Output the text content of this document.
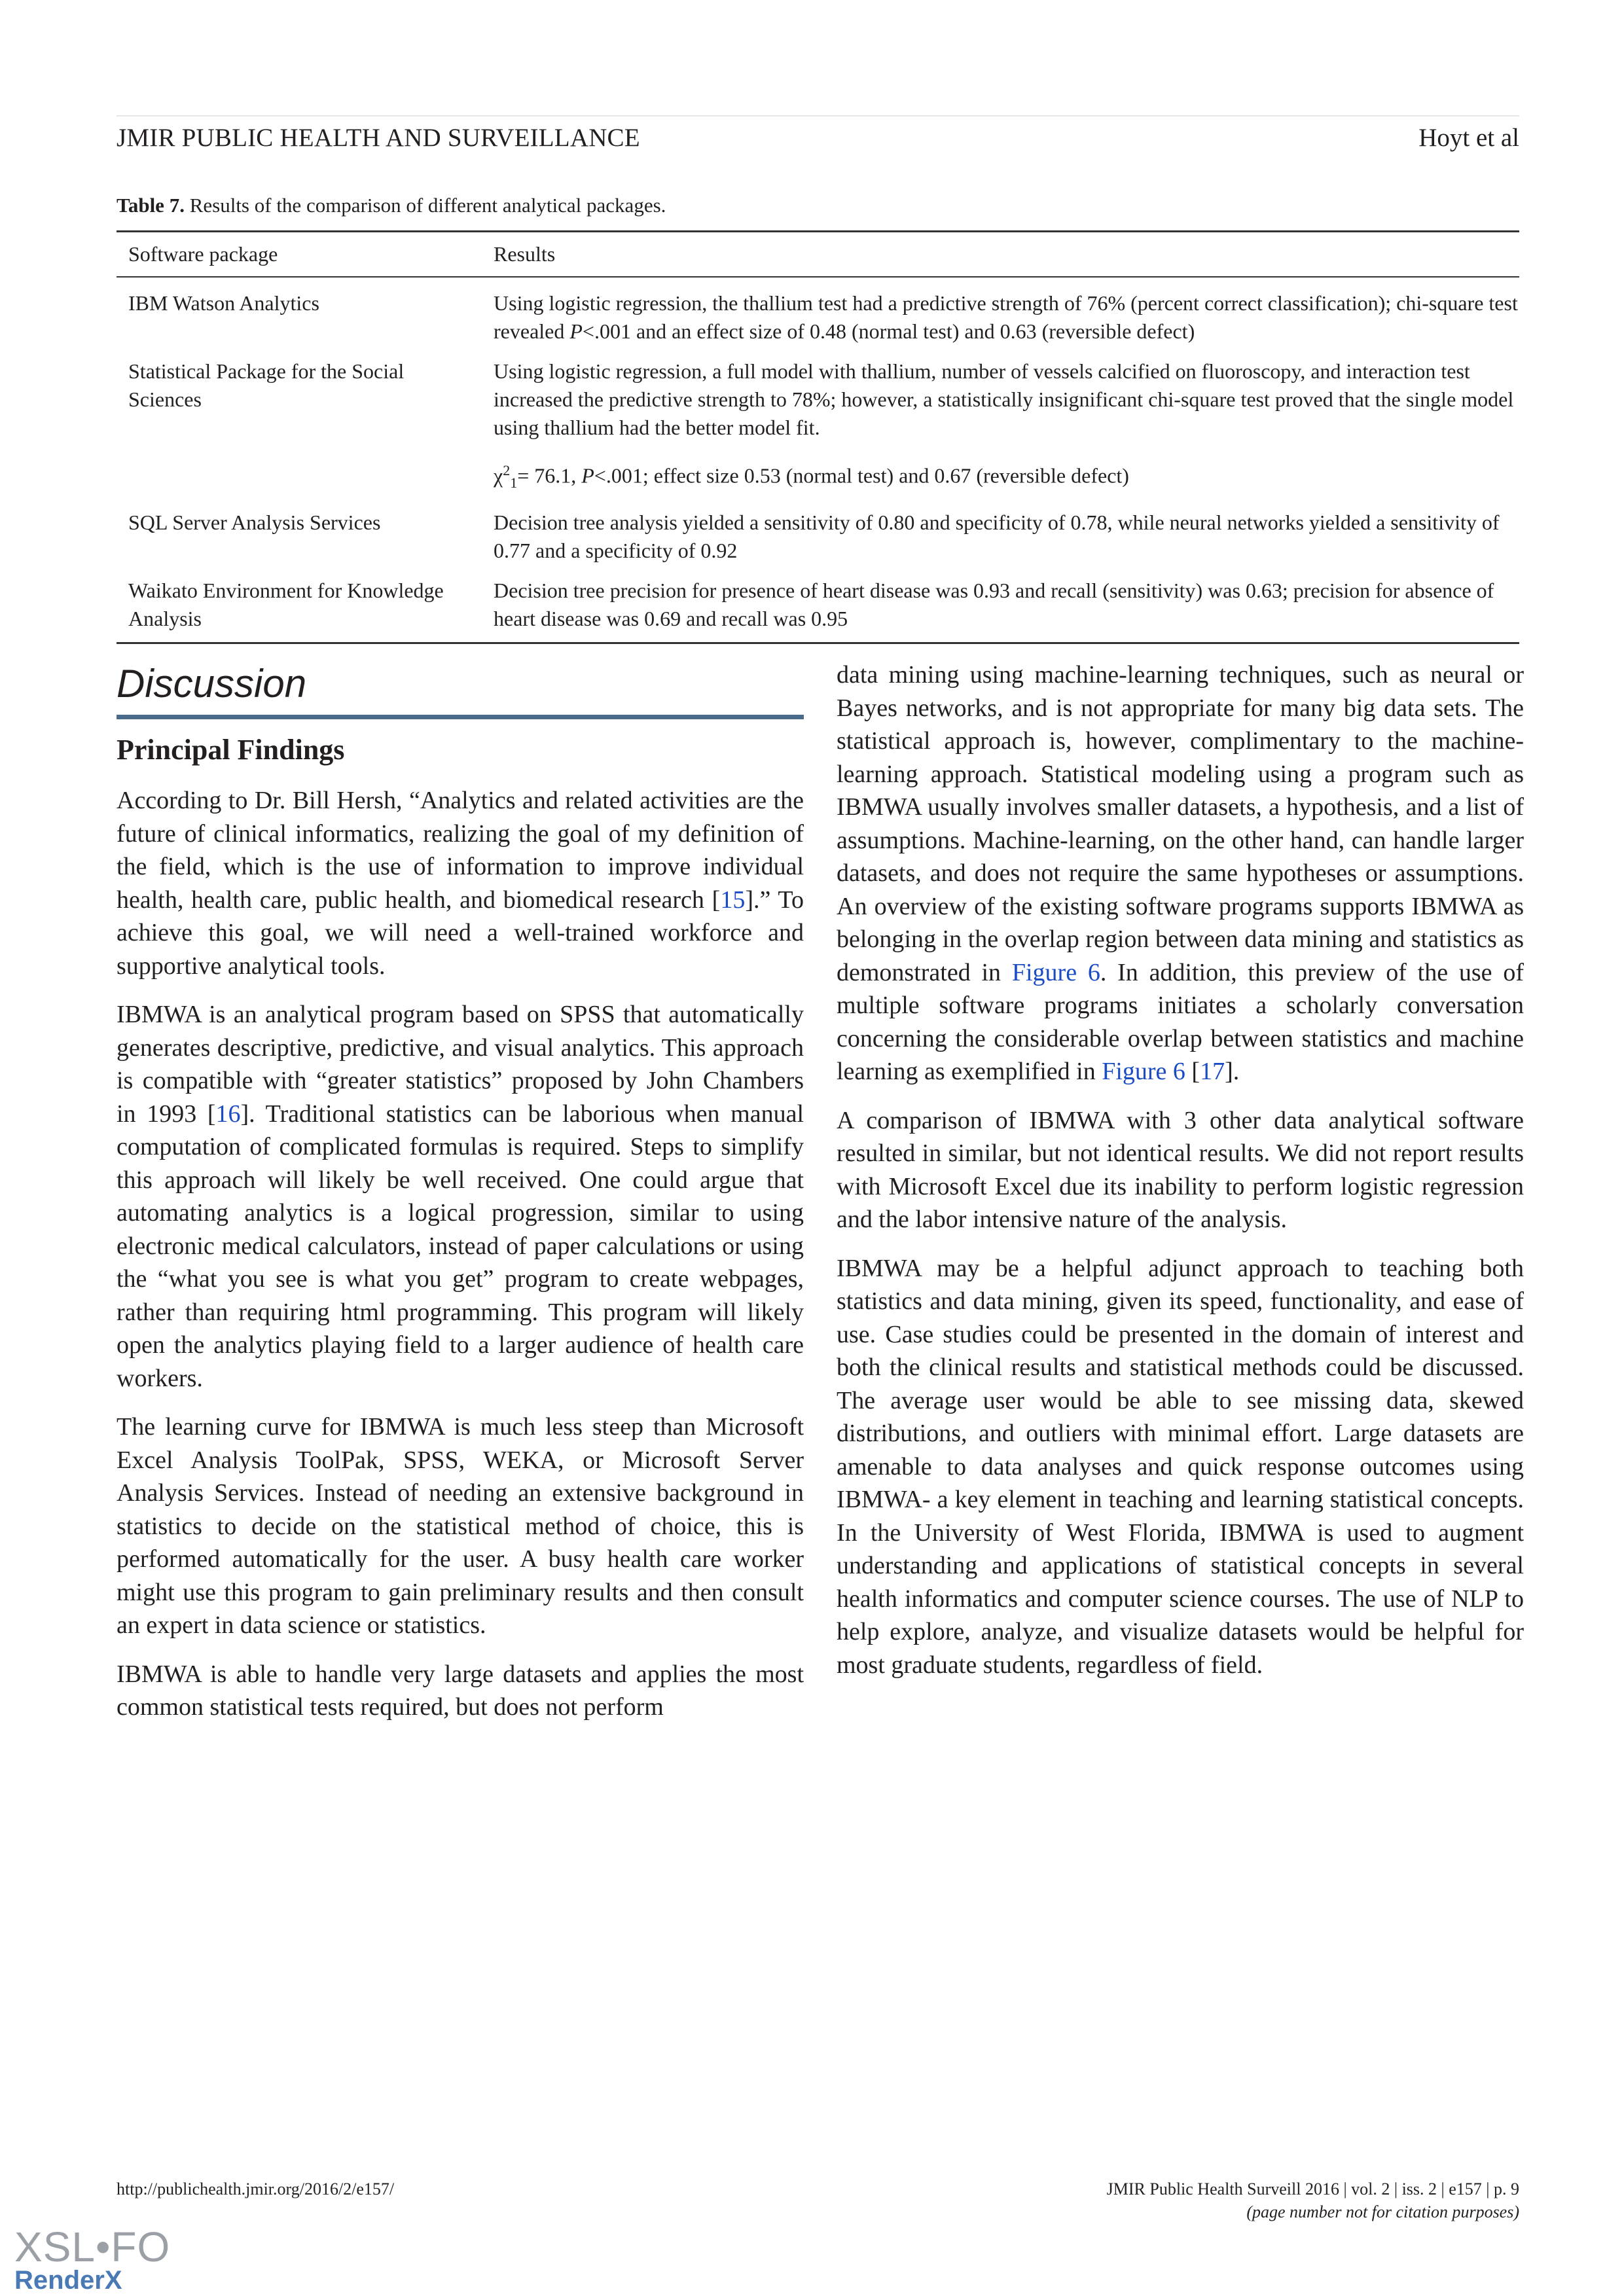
JMIR PUBLIC HEALTH AND SURVEILLANCE	Hoyt et al
Table 7. Results of the comparison of different analytical packages.
Software package	Results
IBM Watson Analytics	Using logistic regression, the thallium test had a predictive strength of 76% (percent correct classification); chi-square test revealed P<.001 and an effect size of 0.48 (normal test) and 0.63 (reversible defect)
Statistical Package for the Social Sciences	Using logistic regression, a full model with thallium, number of vessels calcified on fluoroscopy, and interaction test increased the predictive strength to 78%; however, a statistically insignificant chi-square test proved that the single model using thallium had the better model fit.
$\chi^2_1= 76.1$, P<.001; effect size 0.53 (normal test) and 0.67 (reversible defect)

SQL Server Analysis Services	Decision tree analysis yielded a sensitivity of 0.80 and specificity of 0.78, while neural networks yielded a sensitivity of 0.77 and a specificity of 0.92
Waikato Environment for Knowledge Analysis	Decision tree precision for presence of heart disease was 0.93 and recall (sensitivity) was 0.63; precision for absence of heart disease was 0.69 and recall was 0.95
Discussion
Principal Findings

According to Dr. Bill Hersh, “Analytics and related activities are the future of clinical informatics, realizing the goal of my definition of the field, which is the use of information to improve individual health, health care, public health, and biomedical research [15].” To achieve this goal, we will need a well-trained workforce and supportive analytical tools.

IBMWA is an analytical program based on SPSS that automatically generates descriptive, predictive, and visual analytics. This approach is compatible with “greater statistics” proposed by John Chambers in 1993 [16]. Traditional statistics can be laborious when manual computation of complicated formulas is required. Steps to simplify this approach will likely be well received. One could argue that automating analytics is a logical progression, similar to using electronic medical calculators, instead of paper calculations or using the “what you see is what you get” program to create webpages, rather than requiring html programming. This program will likely open the analytics playing field to a larger audience of health care workers.

The learning curve for IBMWA is much less steep than Microsoft Excel Analysis ToolPak, SPSS, WEKA, or Microsoft Server Analysis Services. Instead of needing an extensive background in statistics to decide on the statistical method of choice, this is performed automatically for the user. A busy health care worker might use this program to gain preliminary results and then consult an expert in data science or statistics.

IBMWA is able to handle very large datasets and applies the most common statistical tests required, but does not perform

data mining using machine-learning techniques, such as neural or Bayes networks, and is not appropriate for many big data sets. The statistical approach is, however, complimentary to the machine-learning approach. Statistical modeling using a program such as IBMWA usually involves smaller datasets, a hypothesis, and a list of assumptions. Machine-learning, on the other hand, can handle larger datasets, and does not require the same hypotheses or assumptions. An overview of the existing software programs supports IBMWA as belonging in the overlap region between data mining and statistics as demonstrated in Figure 6. In addition, this preview of the use of multiple software programs initiates a scholarly conversation concerning the considerable overlap between statistics and machine learning as exemplified in Figure 6 [17].

A comparison of IBMWA with 3 other data analytical software resulted in similar, but not identical results. We did not report results with Microsoft Excel due its inability to perform logistic regression and the labor intensive nature of the analysis.

IBMWA may be a helpful adjunct approach to teaching both statistics and data mining, given its speed, functionality, and ease of use. Case studies could be presented in the domain of interest and both the clinical results and statistical methods could be discussed. The average user would be able to see missing data, skewed distributions, and outliers with minimal effort. Large datasets are amenable to data analyses and quick response outcomes using IBMWA- a key element in teaching and learning statistical concepts. In the University of West Florida, IBMWA is used to augment understanding and applications of statistical concepts in several health informatics and computer science courses. The use of NLP to help explore, analyze, and visualize datasets would be helpful for most graduate students, regardless of field.

http://publichealth.jmir.org/2016/2/e157/	JMIR Public Health Surveill 2016 | vol. 2 | iss. 2 | e157 | p. 9
(page number not for citation purposes)
XSL•FO
RenderX
